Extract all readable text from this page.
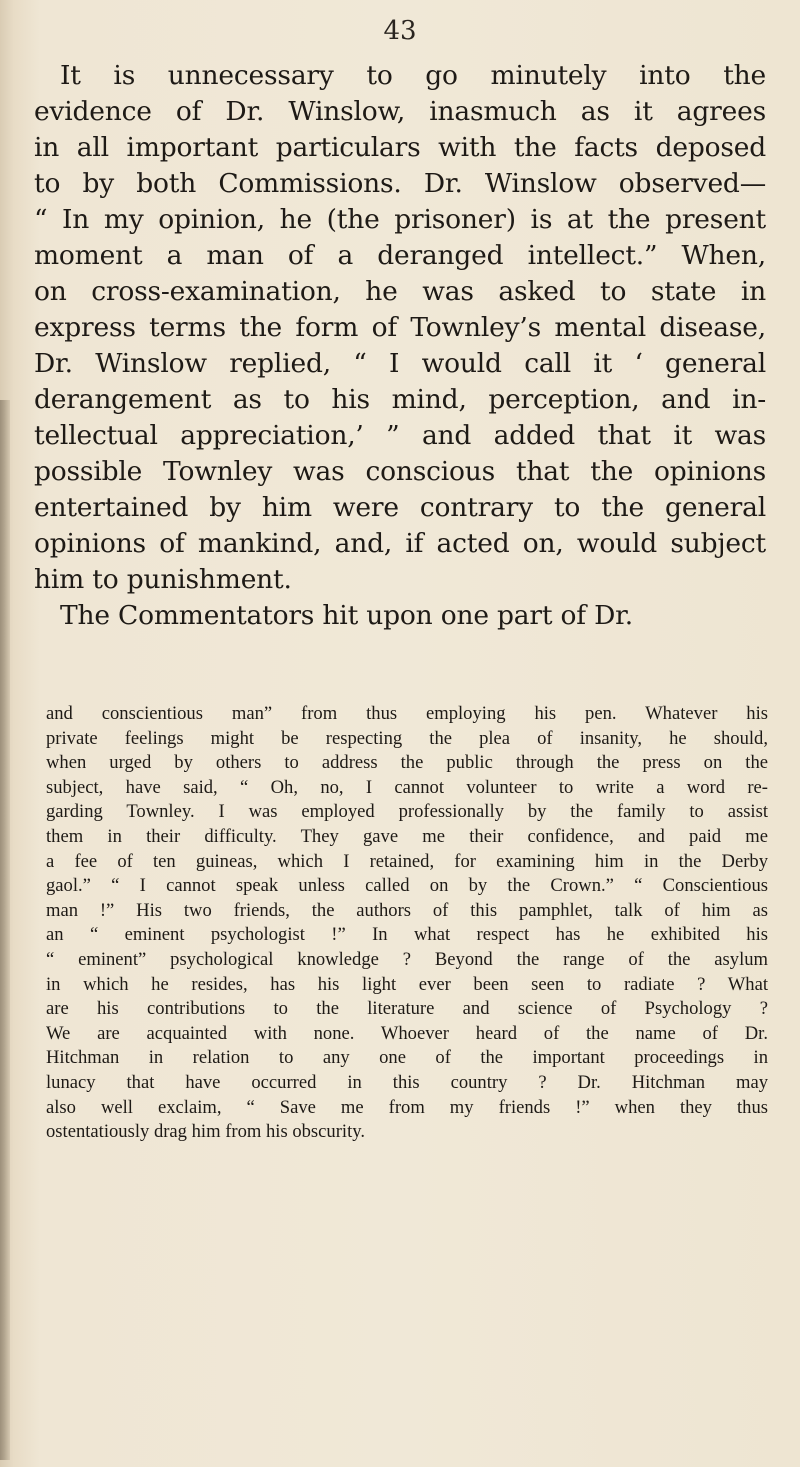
43
It is unnecessary to go minutely into the
evidence of Dr. Winslow, inasmuch as it agrees
in all important particulars with the facts deposed
to by both Commissions. Dr. Winslow observed—
“ In my opinion, he (the prisoner) is at the present
moment a man of a deranged intellect.” When,
on cross-examination, he was asked to state in
express terms the form of Townley’s mental disease,
Dr. Winslow replied, “ I would call it ‘ general
derangement as to his mind, perception, and in-
tellectual appreciation,’ ” and added that it was
possible Townley was conscious that the opinions
entertained by him were contrary to the general
opinions of mankind, and, if acted on, would subject
him to punishment.
The Commentators hit upon one part of Dr.
and conscientious man” from thus employing his pen. Whatever his
private feelings might be respecting the plea of insanity, he should,
when urged by others to address the public through the press on the
subject, have said, “ Oh, no, I cannot volunteer to write a word re-
garding Townley. I was employed professionally by the family to assist
them in their difficulty. They gave me their confidence, and paid me
a fee of ten guineas, which I retained, for examining him in the Derby
gaol.” “ I cannot speak unless called on by the Crown.” “ Conscientious
man !” His two friends, the authors of this pamphlet, talk of him as
an “ eminent psychologist !” In what respect has he exhibited his
“ eminent” psychological knowledge ? Beyond the range of the asylum
in which he resides, has his light ever been seen to radiate ? What
are his contributions to the literature and science of Psychology ?
We are acquainted with none. Whoever heard of the name of Dr.
Hitchman in relation to any one of the important proceedings in
lunacy that have occurred in this country ? Dr. Hitchman may
also well exclaim, “ Save me from my friends !” when they thus
ostentatiously drag him from his obscurity.
